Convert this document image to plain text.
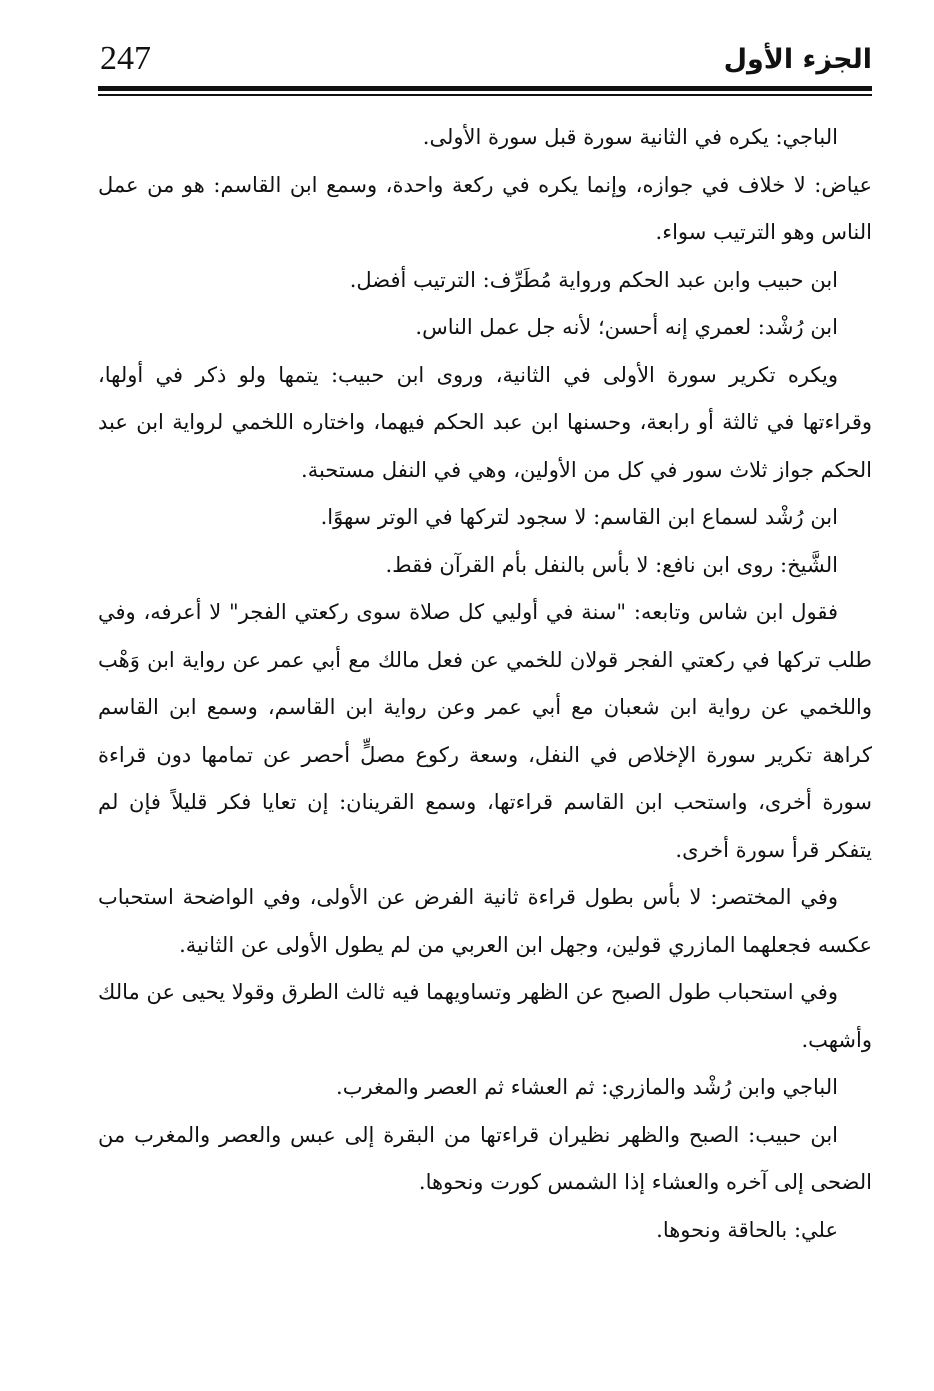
247	الجزء الأول

الباجي: يكره في الثانية سورة قبل سورة الأولى.

عياض: لا خلاف في جوازه، وإنما يكره في ركعة واحدة، وسمع ابن القاسم: هو من عمل الناس وهو الترتيب سواء.

ابن حبيب وابن عبد الحكم ورواية مُطَرِّف: الترتيب أفضل.

ابن رُشْد: لعمري إنه أحسن؛ لأنه جل عمل الناس.

ويكره تكرير سورة الأولى في الثانية، وروى ابن حبيب: يتمها ولو ذكر في أولها، وقراءتها في ثالثة أو رابعة، وحسنها ابن عبد الحكم فيهما، واختاره اللخمي لرواية ابن عبد الحكم جواز ثلاث سور في كل من الأولين، وهي في النفل مستحبة.

ابن رُشْد لسماع ابن القاسم: لا سجود لتركها في الوتر سهوًا.

الشَّيخ: روى ابن نافع: لا بأس بالنفل بأم القرآن فقط.

فقول ابن شاس وتابعه: "سنة في أوليي كل صلاة سوى ركعتي الفجر" لا أعرفه، وفي طلب تركها في ركعتي الفجر قولان للخمي عن فعل مالك مع أبي عمر عن رواية ابن وَهْب واللخمي عن رواية ابن شعبان مع أبي عمر وعن رواية ابن القاسم، وسمع ابن القاسم كراهة تكرير سورة الإخلاص في النفل، وسعة ركوع مصلٍّ أحصر عن تمامها دون قراءة سورة أخرى، واستحب ابن القاسم قراءتها، وسمع القرينان: إن تعايا فكر قليلاً فإن لم يتفكر قرأ سورة أخرى.

وفي المختصر: لا بأس بطول قراءة ثانية الفرض عن الأولى، وفي الواضحة استحباب عكسه فجعلهما المازري قولين، وجهل ابن العربي من لم يطول الأولى عن الثانية.

وفي استحباب طول الصبح عن الظهر وتساويهما فيه ثالث الطرق وقولا يحيى عن مالك وأشهب.

الباجي وابن رُشْد والمازري: ثم العشاء ثم العصر والمغرب.

ابن حبيب: الصبح والظهر نظيران قراءتها من البقرة إلى عبس والعصر والمغرب من الضحى إلى آخره والعشاء إذا الشمس كورت ونحوها.

علي: بالحاقة ونحوها.
